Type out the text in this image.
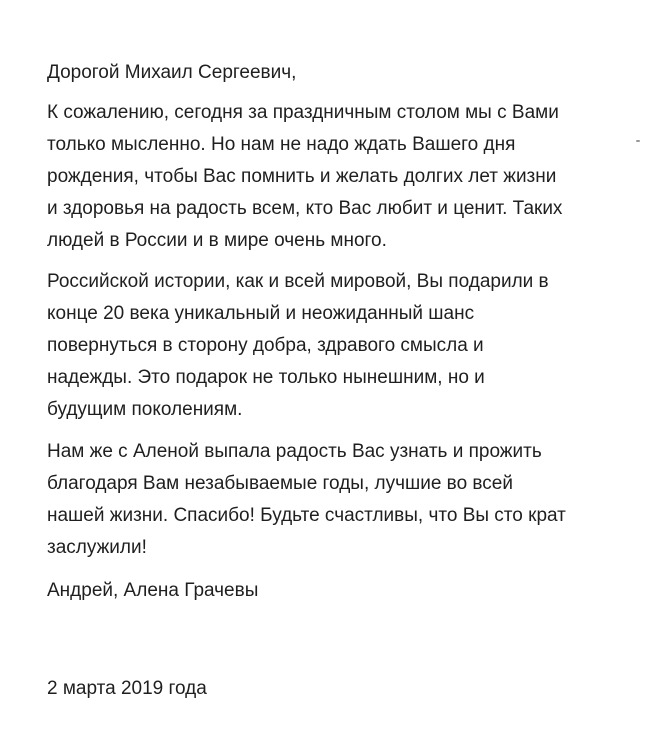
Дорогой Михаил Сергеевич,
К сожалению, сегодня за праздничным столом мы с Вами
только мысленно. Но нам не надо ждать Вашего дня
рождения, чтобы Вас помнить и желать долгих лет жизни
и здоровья на радость всем, кто Вас любит и ценит. Таких
людей в России и в мире очень много.
Российской истории, как и всей мировой, Вы подарили в
конце 20 века уникальный и неожиданный шанс
повернуться в сторону добра, здравого смысла и
надежды. Это подарок не только нынешним, но и
будущим поколениям.
Нам же с Аленой выпала радость Вас узнать и прожить
благодаря Вам незабываемые годы, лучшие во всей
нашей жизни. Спасибо! Будьте счастливы, что Вы сто крат
заслужили!
Андрей, Алена Грачевы
2 марта 2019 года
